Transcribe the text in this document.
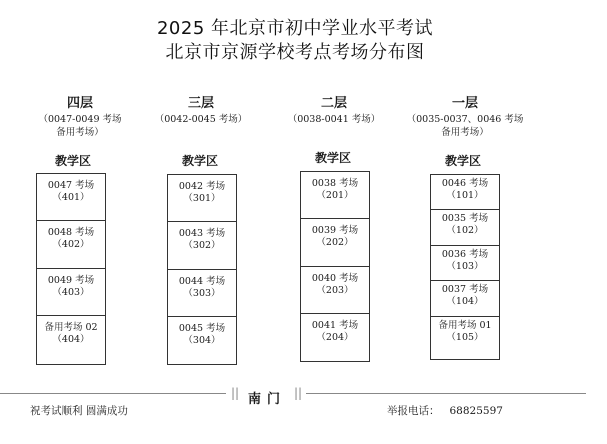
2025 年北京市初中学业水平考试
北京市京源学校考点考场分布图
四层
（0047-0049 考场
备用考场）
教学区
0047 考场
（401）
0048 考场
（402）
0049 考场
（403）
备用考场 02
（404）
三层
（0042-0045 考场）
教学区
0042 考场
（301）
0043 考场
（302）
0044 考场
（303）
0045 考场
（304）
二层
（0038-0041 考场）
教学区
0038 考场
（201）
0039 考场
（202）
0040 考场
（203）
0041 考场
（204）
一层
（0035-0037、0046 考场
备用考场）
教学区
0046 考场
（101）
0035 考场
（102）
0036 考场
（103）
0037 考场
（104）
备用考场 01
（105）
|| 南门 ||
祝考试顺利 圆满成功	举报电话： 68825597
